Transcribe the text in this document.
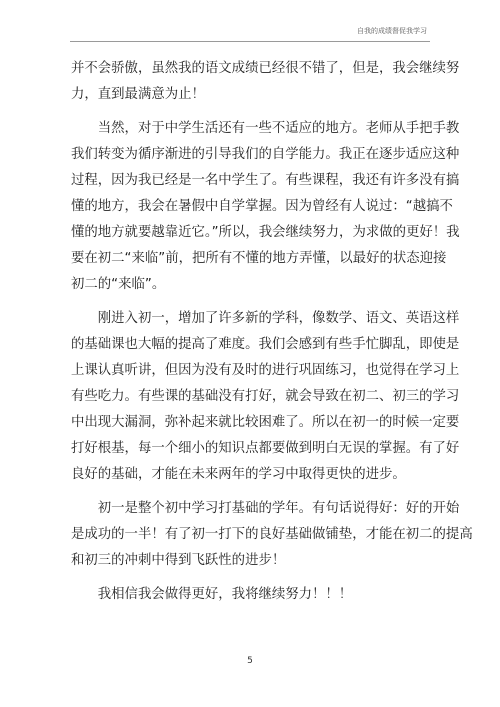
自我的成绩督促我学习
并不会骄傲，虽然我的语文成绩已经很不错了，但是，我会继续努
力，直到最满意为止！
　　当然，对于中学生活还有一些不适应的地方。老师从手把手教
我们转变为循序渐进的引导我们的自学能力。我正在逐步适应这种
过程，因为我已经是一名中学生了。有些课程，我还有许多没有搞
懂的地方，我会在暑假中自学掌握。因为曾经有人说过：“越搞不
懂的地方就要越靠近它。”所以，我会继续努力，为求做的更好！我
要在初二“来临”前，把所有不懂的地方弄懂，以最好的状态迎接
初二的“来临”。
　　刚进入初一，增加了许多新的学科，像数学、语文、英语这样
的基础课也大幅的提高了难度。我们会感到有些手忙脚乱，即使是
上课认真听讲，但因为没有及时的进行巩固练习，也觉得在学习上
有些吃力。有些课的基础没有打好，就会导致在初二、初三的学习
中出现大漏洞，弥补起来就比较困难了。所以在初一的时候一定要
打好根基，每一个细小的知识点都要做到明白无误的掌握。有了好
良好的基础，才能在未来两年的学习中取得更快的进步。
　　初一是整个初中学习打基础的学年。有句话说得好：好的开始
是成功的一半！有了初一打下的良好基础做铺垫，才能在初二的提高
和初三的冲刺中得到飞跃性的进步！
　　我相信我会做得更好，我将继续努力！！！
5
